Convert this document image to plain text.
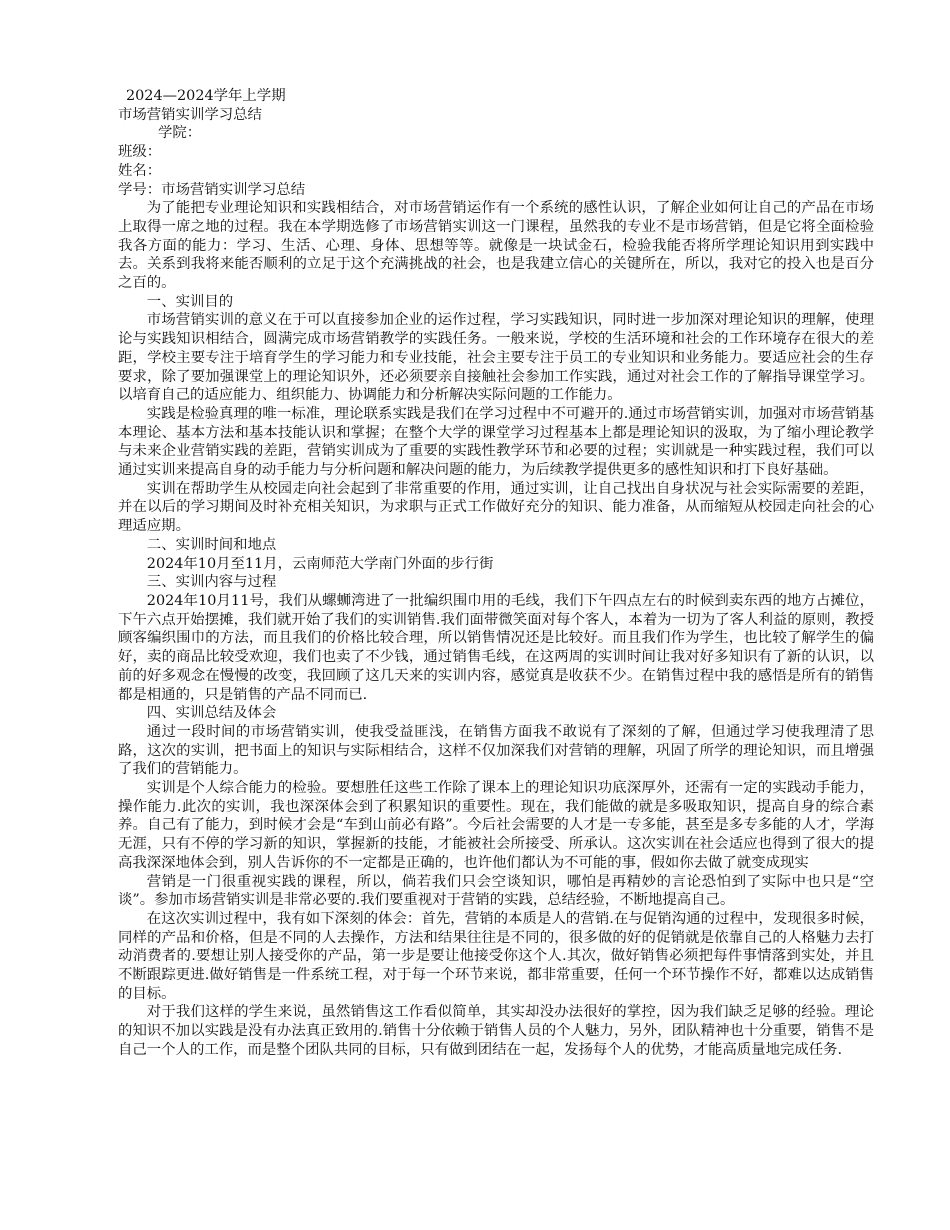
2024—2024学年上学期

市场营销实训学习总结

学院：

班级：

姓名：

学号：市场营销实训学习总结

为了能把专业理论知识和实践相结合，对市场营销运作有一个系统的感性认识，了解企业如何让自己的产品在市场上取得一席之地的过程。我在本学期选修了市场营销实训这一门课程，虽然我的专业不是市场营销，但是它将全面检验我各方面的能力：学习、生活、心理、身体、思想等等。就像是一块试金石，检验我能否将所学理论知识用到实践中去。关系到我将来能否顺利的立足于这个充满挑战的社会，也是我建立信心的关键所在，所以，我对它的投入也是百分之百的。

一、实训目的

市场营销实训的意义在于可以直接参加企业的运作过程，学习实践知识，同时进一步加深对理论知识的理解，使理论与实践知识相结合，圆满完成市场营销教学的实践任务。一般来说，学校的生活环境和社会的工作环境存在很大的差距，学校主要专注于培育学生的学习能力和专业技能，社会主要专注于员工的专业知识和业务能力。要适应社会的生存要求，除了要加强课堂上的理论知识外，还必须要亲自接触社会参加工作实践，通过对社会工作的了解指导课堂学习。以培育自己的适应能力、组织能力、协调能力和分析解决实际问题的工作能力。

实践是检验真理的唯一标准，理论联系实践是我们在学习过程中不可避开的.通过市场营销实训，加强对市场营销基本理论、基本方法和基本技能认识和掌握；在整个大学的课堂学习过程基本上都是理论知识的汲取，为了缩小理论教学与未来企业营销实践的差距，营销实训成为了重要的实践性教学环节和必要的过程；实训就是一种实践过程，我们可以通过实训来提高自身的动手能力与分析问题和解决问题的能力，为后续教学提供更多的感性知识和打下良好基础。

实训在帮助学生从校园走向社会起到了非常重要的作用，通过实训，让自己找出自身状况与社会实际需要的差距，并在以后的学习期间及时补充相关知识，为求职与正式工作做好充分的知识、能力准备，从而缩短从校园走向社会的心理适应期。

二、实训时间和地点

2024年10月至11月，云南师范大学南门外面的步行街

三、实训内容与过程

2024年10月11号，我们从螺蛳湾进了一批编织围巾用的毛线，我们下午四点左右的时候到卖东西的地方占摊位，下午六点开始摆摊，我们就开始了我们的实训销售.我们面带微笑面对每个客人，本着为一切为了客人利益的原则，教授顾客编织围巾的方法，而且我们的价格比较合理，所以销售情况还是比较好。而且我们作为学生，也比较了解学生的偏好，卖的商品比较受欢迎，我们也卖了不少钱，通过销售毛线，在这两周的实训时间让我对好多知识有了新的认识，以前的好多观念在慢慢的改变，我回顾了这几天来的实训内容，感觉真是收获不少。在销售过程中我的感悟是所有的销售都是相通的，只是销售的产品不同而已.

四、实训总结及体会

通过一段时间的市场营销实训，使我受益匪浅，在销售方面我不敢说有了深刻的了解，但通过学习使我理清了思路，这次的实训，把书面上的知识与实际相结合，这样不仅加深我们对营销的理解，巩固了所学的理论知识，而且增强了我们的营销能力。

实训是个人综合能力的检验。要想胜任这些工作除了课本上的理论知识功底深厚外，还需有一定的实践动手能力，操作能力.此次的实训，我也深深体会到了积累知识的重要性。现在，我们能做的就是多吸取知识，提高自身的综合素养。自己有了能力，到时候才会是“车到山前必有路”。今后社会需要的人才是一专多能，甚至是多专多能的人才，学海无涯，只有不停的学习新的知识，掌握新的技能，才能被社会所接受、所承认。这次实训在社会适应也得到了很大的提高我深深地体会到，别人告诉你的不一定都是正确的，也许他们都认为不可能的事，假如你去做了就变成现实

营销是一门很重视实践的课程，所以，倘若我们只会空谈知识，哪怕是再精妙的言论恐怕到了实际中也只是“空谈”。参加市场营销实训是非常必要的.我们要重视对于营销的实践，总结经验，不断地提高自己。

在这次实训过程中，我有如下深刻的体会：首先，营销的本质是人的营销.在与促销沟通的过程中，发现很多时候，同样的产品和价格，但是不同的人去操作，方法和结果往往是不同的，很多做的好的促销就是依靠自己的人格魅力去打动消费者的.要想让别人接受你的产品，第一步是要让他接受你这个人.其次，做好销售必须把每件事情落到实处，并且不断跟踪更进.做好销售是一件系统工程，对于每一个环节来说，都非常重要，任何一个环节操作不好，都难以达成销售的目标。

对于我们这样的学生来说，虽然销售这工作看似简单，其实却没办法很好的掌控，因为我们缺乏足够的经验。理论的知识不加以实践是没有办法真正致用的.销售十分依赖于销售人员的个人魅力，另外，团队精神也十分重要，销售不是自己一个人的工作，而是整个团队共同的目标，只有做到团结在一起，发扬每个人的优势，才能高质量地完成任务.
